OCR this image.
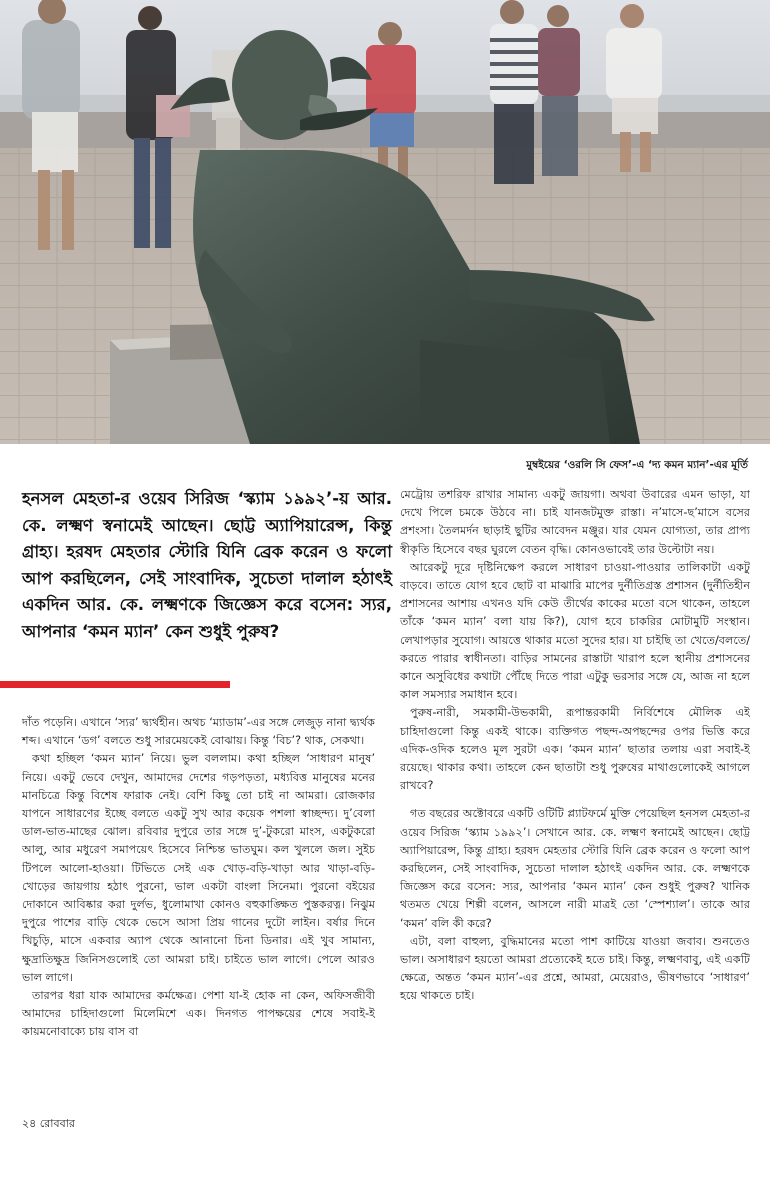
মুম্বইয়ের ‘ওরলি সি ফেস’-এ ‘দ্য কমন ম্যান’-এর মূর্তি
হনসল মেহতা-র ওয়েব সিরিজ ‘স্ক্যাম ১৯৯২’-য় আর. কে. লক্ষ্মণ স্বনামেই আছেন। ছোট্ট অ্যাপিয়ারেন্স, কিন্তু গ্রাহ্য। হরষদ মেহতার স্টোরি যিনি ব্রেক করেন ও ফলো আপ করছিলেন, সেই সাংবাদিক, সুচেতা দালাল হঠাৎই একদিন আর. কে. লক্ষ্মণকে জিজ্ঞেস করে বসেন: স্যর, আপনার ‘কমন ম্যান’ কেন শুধুই পুরুষ?

দাঁত পড়েনি। এখানে ‘স্যর’ দ্ব্যর্থহীন। অথচ ‘ম্যাডাম’-এর সঙ্গে লেজুড় নানা দ্ব্যর্থক শব্দ। এখানে ‘ডগ’ বলতে শুধু সারমেয়কেই বোঝায়। কিন্তু ‘বিচ’? থাক, সেকথা।

কথা হচ্ছিল ‘কমন ম্যান’ নিয়ে। ভুল বললাম। কথা হচ্ছিল ‘সাধারণ মানুষ’ নিয়ে। একটু ভেবে দেখুন, আমাদের দেশের গড়পড়তা, মধ্যবিত্ত মানুষের মনের মানচিত্রে কিন্তু বিশেষ ফারাক নেই। বেশি কিছু তো চাই না আমরা। রোজকার যাপনে সাধারণের ইচ্ছে বলতে একটু সুখ আর কয়েক পশলা স্বাচ্ছন্দ্য। দু’বেলা ডাল-ভাত-মাছের ঝোল। রবিবার দুপুরে তার সঙ্গে দু’-টুকরো মাংস, একটুকরো আলু, আর মধুরেণ সমাপয়েৎ হিসেবে নিশ্চিন্ত ভাতঘুম। কল খুললে জল। সুইচ টিপলে আলো-হাওয়া। টিভিতে সেই এক খোড়-বড়ি-খাড়া আর খাড়া-বড়ি-খোড়ের জায়গায় হঠাৎ পুরনো, ভাল একটা বাংলা সিনেমা। পুরনো বইয়ের দোকানে আবিষ্কার করা দুর্লভ, ধুলোমাখা কোনও বহুকাঙ্ক্ষিত পুস্তকরত্ন। নিঝুম দুপুরে পাশের বাড়ি থেকে ভেসে আসা প্রিয় গানের দুটো লাইন। বর্ষার দিনে খিচুড়ি, মাসে একবার অ্যাপ থেকে আনানো চিনা ডিনার। এই খুব সামান্য, ক্ষুদ্রাতিক্ষুদ্র জিনিসগুলোই তো আমরা চাই। চাইতে ভাল লাগে। পেলে আরও ভাল লাগে।

তারপর ধরা যাক আমাদের কর্মক্ষেত্র। পেশা যা-ই হোক না কেন, অফিসজীবী আমাদের চাহিদাগুলো মিলেমিশে এক। দিনগত পাপক্ষয়ের শেষে সবাই-ই কায়মনোবাক্যে চায় বাস বা

মেট্রোয় তশরিফ রাখার সামান্য একটু জায়গা। অথবা উবারের এমন ভাড়া, যা দেখে পিলে চমকে উঠবে না। চাই যানজটমুক্ত রাস্তা। ন’মাসে-ছ’মাসে বসের প্রশংসা। তৈলমর্দন ছাড়াই ছুটির আবেদন মঞ্জুর। যার যেমন যোগ্যতা, তার প্রাপ্য স্বীকৃতি হিসেবে বছর ঘুরলে বেতন বৃদ্ধি। কোনওভাবেই তার উল্টোটা নয়।

আরেকটু দূরে দৃষ্টিনিক্ষেপ করলে সাধারণ চাওয়া-পাওয়ার তালিকাটা একটু বাড়বে। তাতে যোগ হবে ছোট বা মাঝারি মাপের দুর্নীতিগ্রস্ত প্রশাসন (দুর্নীতিহীন প্রশাসনের আশায় এখনও যদি কেউ তীর্থের কাকের মতো বসে থাকেন, তাহলে তাঁকে ‘কমন ম্যান’ বলা যায় কি?), যোগ হবে চাকরির মোটামুটি সংস্থান। লেখাপড়ার সুযোগ। আয়ত্তে থাকার মতো সুদের হার। যা চাইছি তা খেতে/বলতে/করতে পারার স্বাধীনতা। বাড়ির সামনের রাস্তাটা খারাপ হলে স্থানীয় প্রশাসনের কানে অসুবিধের কথাটা পৌঁছে দিতে পারা এটুকু ভরসার সঙ্গে যে, আজ না হলে কাল সমস্যার সমাধান হবে।

পুরুষ-নারী, সমকামী-উভকামী, রূপান্তরকামী নির্বিশেষে মৌলিক এই চাহিদাগুলো কিন্তু একই থাকে। ব্যক্তিগত পছন্দ-অপছন্দের ওপর ভিত্তি করে এদিক-ওদিক হলেও মূল সুরটা এক। ‘কমন ম্যান’ ছাতার তলায় এরা সবাই-ই রয়েছে। থাকার কথা। তাহলে কেন ছাতাটা শুধু পুরুষের মাথাগুলোকেই আগলে রাখবে?

গত বছরের অক্টোবরে একটি ওটিটি প্ল্যাটফর্মে মুক্তি পেয়েছিল হনসল মেহতা-র ওয়েব সিরিজ ‘স্ক্যাম ১৯৯২’। সেখানে আর. কে. লক্ষ্মণ স্বনামেই আছেন। ছোট্ট অ্যাপিয়ারেন্স, কিন্তু গ্রাহ্য। হরষদ মেহতার স্টোরি যিনি ব্রেক করেন ও ফলো আপ করছিলেন, সেই সাংবাদিক, সুচেতা দালাল হঠাৎই একদিন আর. কে. লক্ষ্মণকে জিজ্ঞেস করে বসেন: স্যর, আপনার ‘কমন ম্যান’ কেন শুধুই পুরুষ? খানিক থতমত খেয়ে শিল্পী বলেন, আসলে নারী মাত্রই তো ‘স্পেশ্যাল’। তাকে আর ‘কমন’ বলি কী করে?

এটা, বলা বাহুল্য, বুদ্ধিমানের মতো পাশ কাটিয়ে যাওয়া জবাব। শুনতেও ভাল। অসাধারণ হয়তো আমরা প্রত্যেকেই হতে চাই। কিন্তু, লক্ষ্মণবাবু, এই একটি ক্ষেত্রে, অন্তত ‘কমন ম্যান’-এর প্রশ্নে, আমরা, মেয়েরাও, ভীষণভাবে ‘সাধারণ’ হয়ে থাকতে চাই।

২৪ রোববার
